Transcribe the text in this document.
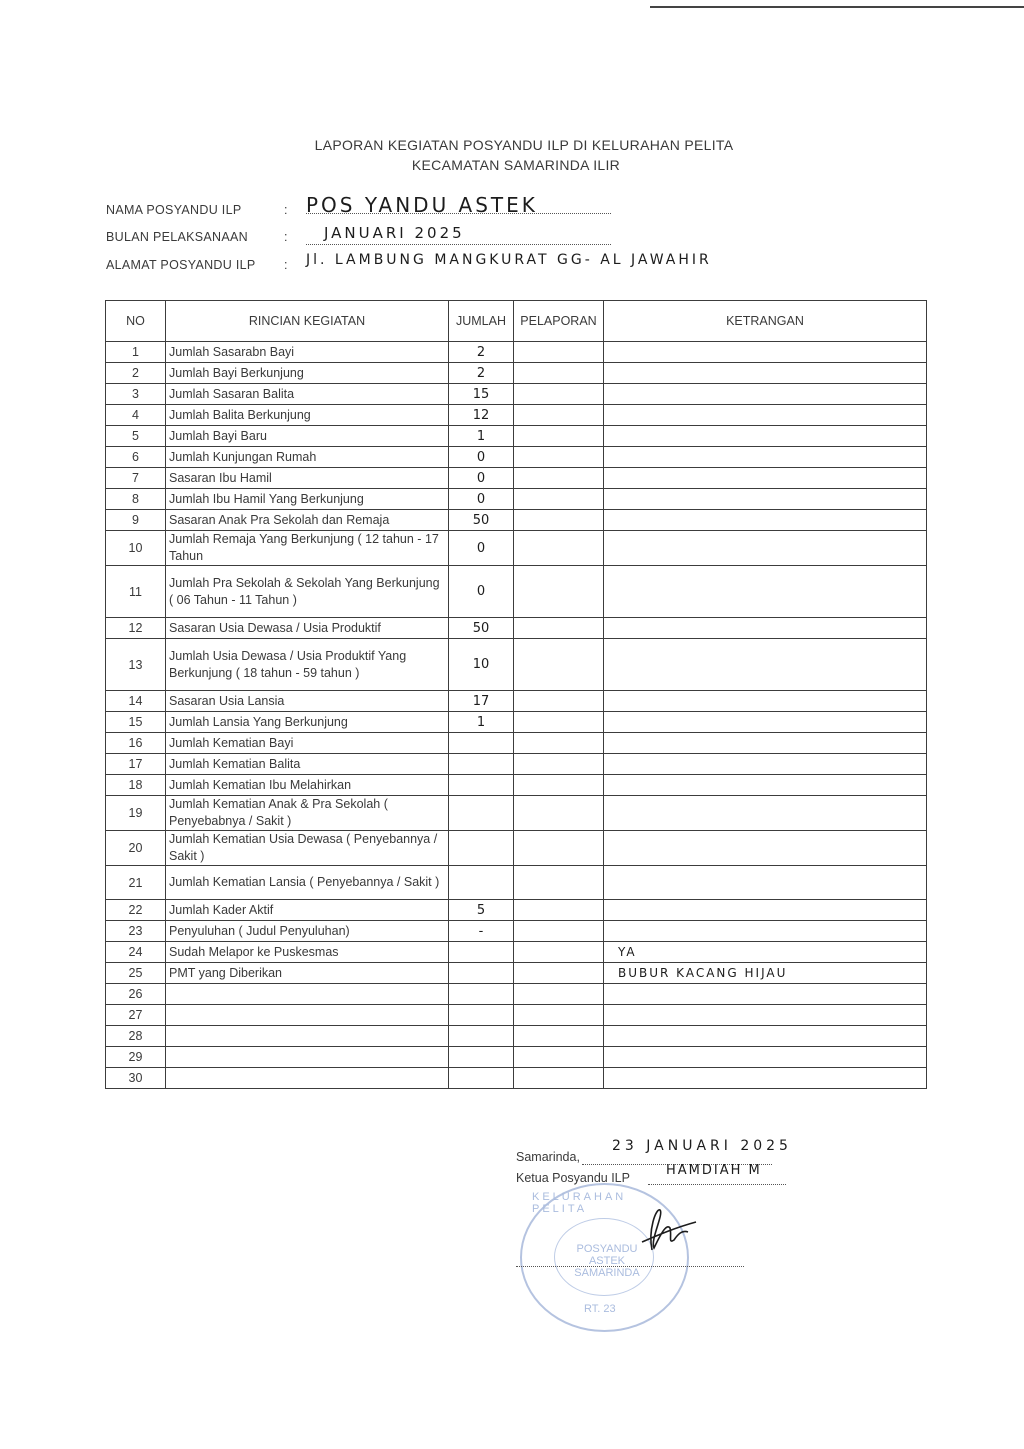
LAPORAN KEGIATAN POSYANDU ILP DI KELURAHAN PELITA
KECAMATAN SAMARINDA ILIR
NAMA POSYANDU ILP	: POS YANDU ASTEK
BULAN PELAKSANAAN	:	JANUARI 2025
ALAMAT POSYANDU ILP : Jl. LAMBUNG MANGKURAT GG- AL JAWAHIR
NO	RINCIAN KEGIATAN	JUMLAH	PELAPORAN	KETRANGAN
1	Jumlah Sasarabn Bayi	2		
2	Jumlah Bayi Berkunjung	2		
3	Jumlah Sasaran Balita	15		
4	Jumlah Balita Berkunjung	12		
5	Jumlah Bayi Baru	1		
6	Jumlah Kunjungan Rumah	0		
7	Sasaran Ibu Hamil	0		
8	Jumlah Ibu Hamil Yang Berkunjung	0		
9	Sasaran Anak Pra Sekolah dan Remaja	50		
10	Jumlah Remaja Yang Berkunjung ( 12 tahun - 17 Tahun	0		
11	Jumlah Pra Sekolah & Sekolah Yang Berkunjung ( 06 Tahun - 11 Tahun )	0		
12	Sasaran Usia Dewasa / Usia Produktif	50		
13	Jumlah Usia Dewasa / Usia Produktif Yang Berkunjung ( 18 tahun - 59 tahun )	10		
14	Sasaran Usia Lansia	17		
15	Jumlah Lansia Yang Berkunjung	1		
16	Jumlah Kematian Bayi			
17	Jumlah Kematian Balita			
18	Jumlah Kematian Ibu Melahirkan			
19	Jumlah Kematian Anak & Pra Sekolah ( Penyebabnya / Sakit )			
20	Jumlah Kematian Usia Dewasa ( Penyebannya / Sakit )			
21	Jumlah Kematian Lansia ( Penyebannya / Sakit )			
22	Jumlah Kader Aktif	5		
23	Penyuluhan ( Judul Penyuluhan)	-		
24	Sudah Melapor ke Puskesmas			YA
25	PMT yang Diberikan			BUBUR KACANG HIJAU
26				
27				
28				
29				
30				
Samarinda,
23 JANUARI 2025
Ketua Posyandu ILP	HAMDIAH M
KELURAHAN PELITA
POSYANDU ASTEK SAMARINDA
RT. 23
